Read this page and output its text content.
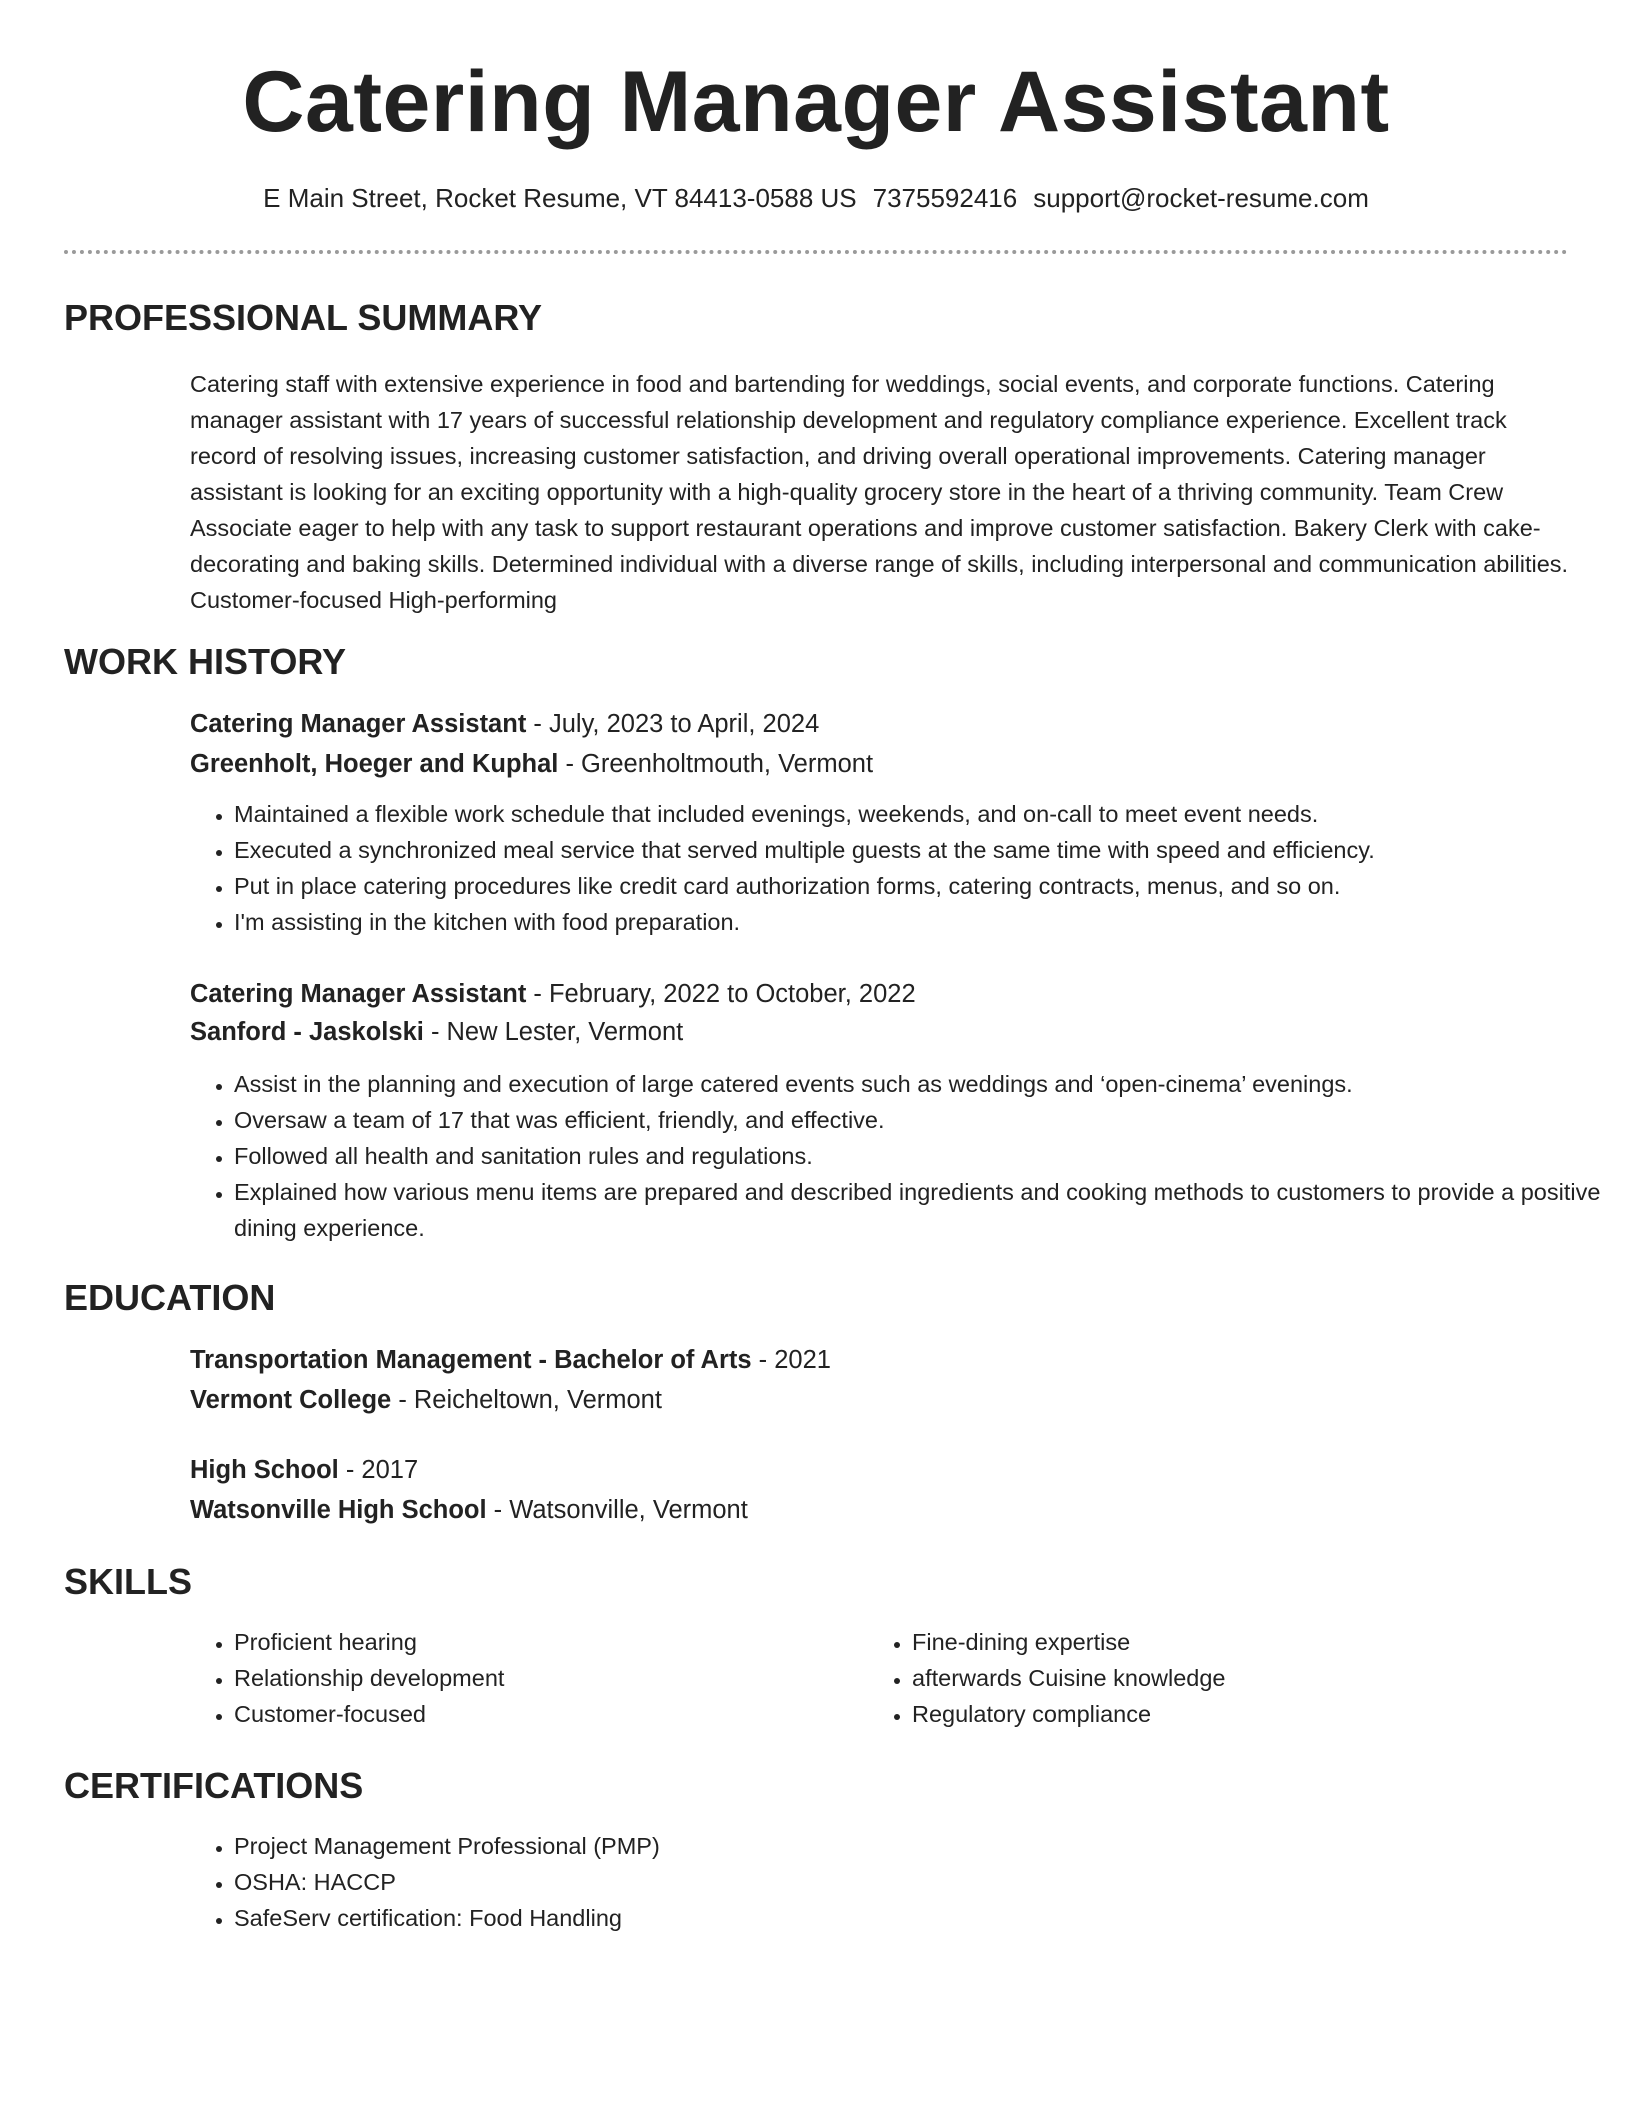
Catering Manager Assistant
E Main Street, Rocket Resume, VT 84413-0588 US 7375592416 support@rocket-resume.com
PROFESSIONAL SUMMARY

Catering staff with extensive experience in food and bartending for weddings, social events, and corporate functions. Catering manager assistant with 17 years of successful relationship development and regulatory compliance experience. Excellent track record of resolving issues, increasing customer satisfaction, and driving overall operational improvements. Catering manager assistant is looking for an exciting opportunity with a high-quality grocery store in the heart of a thriving community. Team Crew Associate eager to help with any task to support restaurant operations and improve customer satisfaction. Bakery Clerk with cake-decorating and baking skills. Determined individual with a diverse range of skills, including interpersonal and communication abilities. Customer-focused High-performing

WORK HISTORY
Catering Manager Assistant - July, 2023 to April, 2024
Greenholt, Hoeger and Kuphal - Greenholtmouth, Vermont
• Maintained a flexible work schedule that included evenings, weekends, and on-call to meet event needs.
• Executed a synchronized meal service that served multiple guests at the same time with speed and efficiency.
• Put in place catering procedures like credit card authorization forms, catering contracts, menus, and so on.
• I'm assisting in the kitchen with food preparation.
Catering Manager Assistant - February, 2022 to October, 2022
Sanford - Jaskolski - New Lester, Vermont
• Assist in the planning and execution of large catered events such as weddings and ‘open-cinema’ evenings.
• Oversaw a team of 17 that was efficient, friendly, and effective.
• Followed all health and sanitation rules and regulations.
• Explained how various menu items are prepared and described ingredients and cooking methods to customers to provide a positive dining experience.
EDUCATION
Transportation Management - Bachelor of Arts - 2021
Vermont College - Reicheltown, Vermont
High School - 2017
Watsonville High School - Watsonville, Vermont
SKILLS
• Proficient hearing
• Relationship development
• Customer-focused
• Fine-dining expertise
• afterwards Cuisine knowledge
• Regulatory compliance
CERTIFICATIONS
• Project Management Professional (PMP)
• OSHA: HACCP
• SafeServ certification: Food Handling
